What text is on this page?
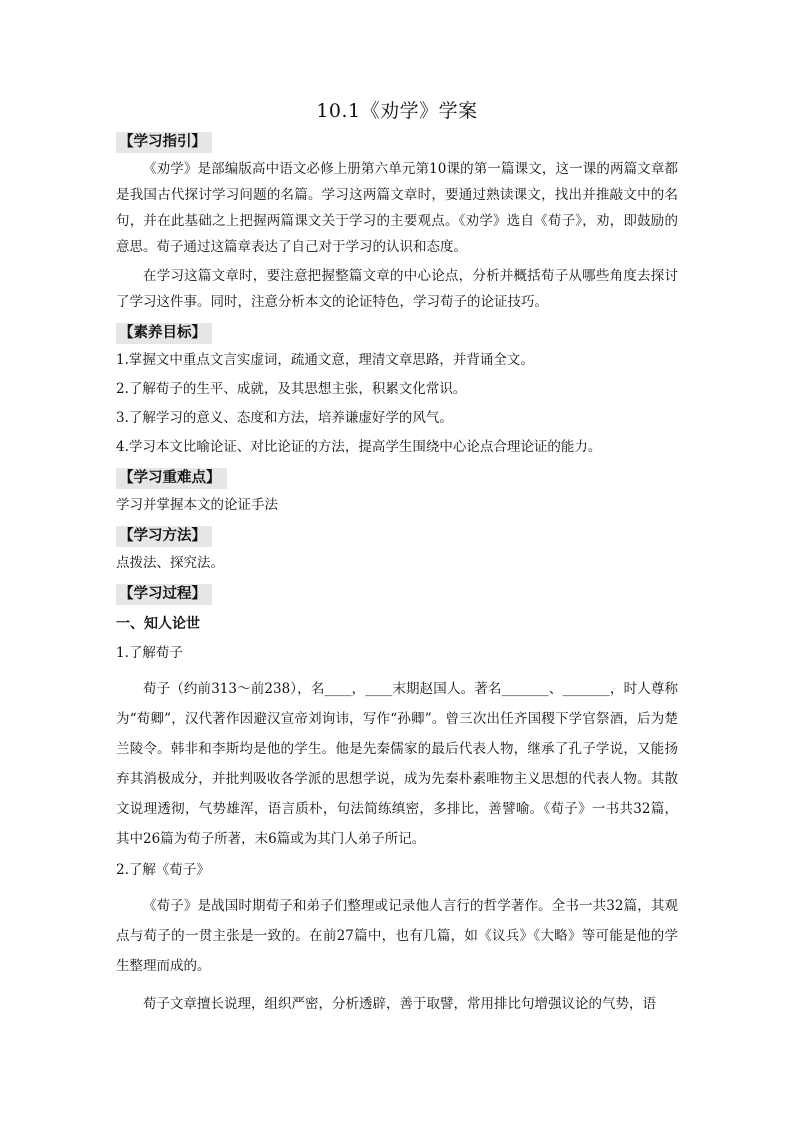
10.1《劝学》学案
【学习指引】

《劝学》是部编版高中语文必修上册第六单元第10课的第一篇课文，这一课的两篇文章都是我国古代探讨学习问题的名篇。学习这两篇文章时，要通过熟读课文，找出并推敲文中的名句，并在此基础之上把握两篇课文关于学习的主要观点。《劝学》选自《荀子》，劝，即鼓励的意思。荀子通过这篇章表达了自己对于学习的认识和态度。

在学习这篇文章时，要注意把握整篇文章的中心论点，分析并概括荀子从哪些角度去探讨了学习这件事。同时，注意分析本文的论证特色，学习荀子的论证技巧。

【素养目标】

1.掌握文中重点文言实虚词，疏通文意，理清文章思路，并背诵全文。

2.了解荀子的生平、成就，及其思想主张，积累文化常识。

3.了解学习的意义、态度和方法，培养谦虚好学的风气。

4.学习本文比喻论证、对比论证的方法，提高学生围绕中心论点合理论证的能力。

【学习重难点】

学习并掌握本文的论证手法

【学习方法】

点拨法、探究法。

【学习过程】

一、知人论世

1.了解荀子

荀子（约前313～前238），名____，____末期赵国人。著名_______、_______，时人尊称为“荀卿”，汉代著作因避汉宣帝刘询讳，写作“孙卿”。曾三次出任齐国稷下学官祭酒，后为楚兰陵令。韩非和李斯均是他的学生。他是先秦儒家的最后代表人物，继承了孔子学说，又能扬弃其消极成分，并批判吸收各学派的思想学说，成为先秦朴素唯物主义思想的代表人物。其散文说理透彻，气势雄浑，语言质朴，句法简练缜密，多排比，善譬喻。《荀子》一书共32篇，其中26篇为荀子所著，末6篇或为其门人弟子所记。

2.了解《荀子》

《荀子》是战国时期荀子和弟子们整理或记录他人言行的哲学著作。全书一共32篇，其观点与荀子的一贯主张是一致的。在前27篇中，也有几篇，如《议兵》《大略》等可能是他的学生整理而成的。

荀子文章擅长说理，组织严密，分析透辟，善于取譬，常用排比句增强议论的气势，语
